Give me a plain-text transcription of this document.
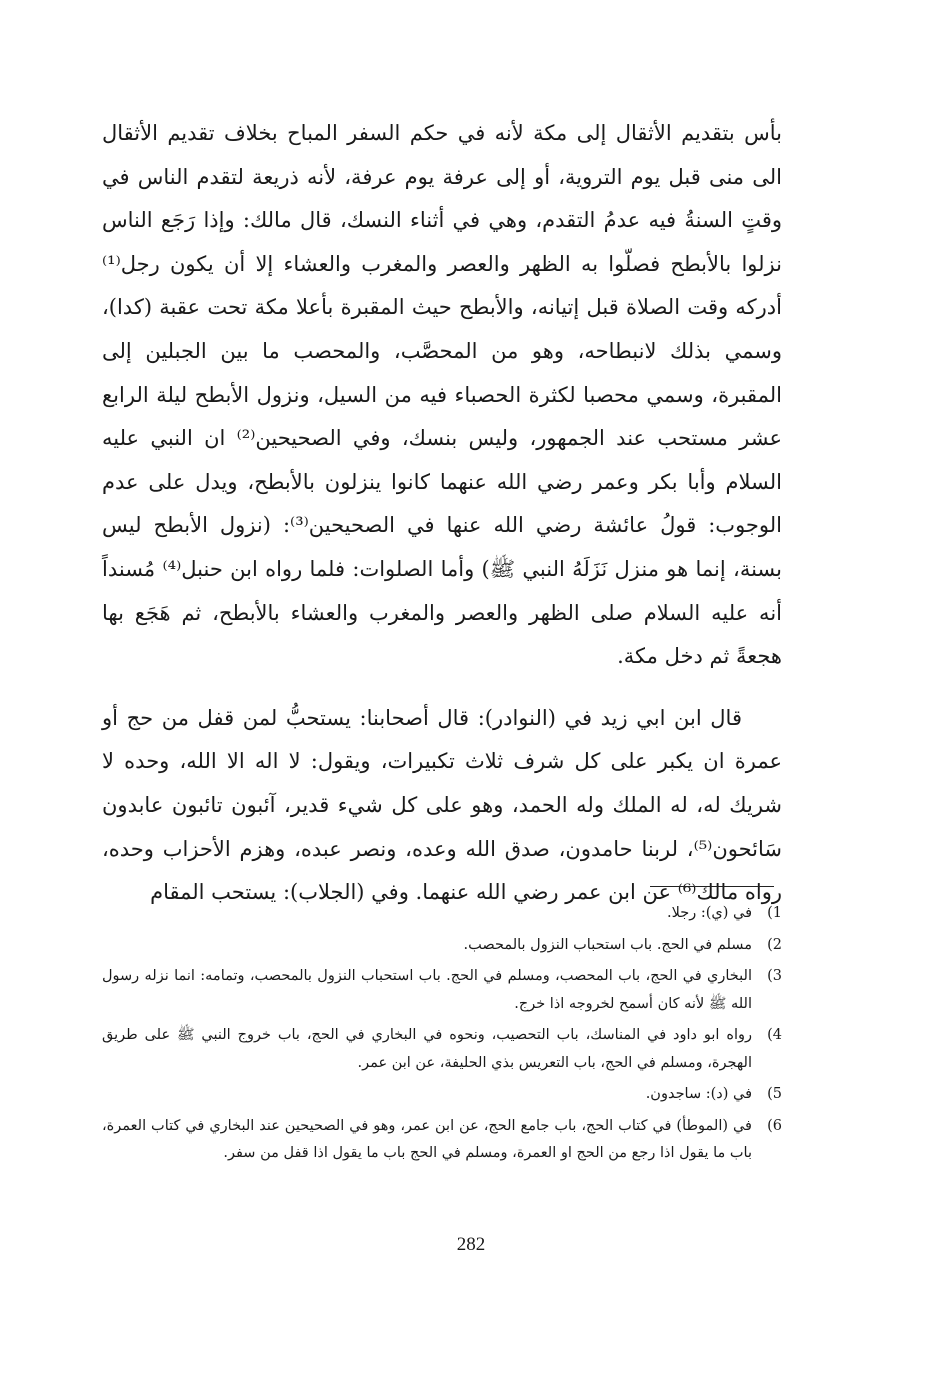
بأس بتقديم الأثقال إلى مكة لأنه في حكم السفر المباح بخلاف تقديم الأثقال الى منى قبل يوم التروية، أو إلى عرفة يوم عرفة، لأنه ذريعة لتقدم الناس في وقتٍ السنةُ فيه عدمُ التقدم، وهي في أثناء النسك، قال مالك: وإذا رَجَع الناس نزلوا بالأبطح فصلّوا به الظهر والعصر والمغرب والعشاء إلا أن يكون رجل⁽¹⁾ أدركه وقت الصلاة قبل إتيانه، والأبطح حيث المقبرة بأعلا مكة تحت عقبة (كدا)، وسمي بذلك لانبطاحه، وهو من المحصَّب، والمحصب ما بين الجبلين إلى المقبرة، وسمي محصبا لكثرة الحصباء فيه من السيل، ونزول الأبطح ليلة الرابع عشر مستحب عند الجمهور، وليس بنسك، وفي الصحيحين⁽²⁾ ان النبي عليه السلام وأبا بكر وعمر رضي الله عنهما كانوا ينزلون بالأبطح، ويدل على عدم الوجوب: قولُ عائشة رضي الله عنها في الصحيحين⁽³⁾: (نزول الأبطح ليس بسنة، إنما هو منزل نَزَلَهُ النبي ﷺ) وأما الصلوات: فلما رواه ابن حنبل⁽⁴⁾ مُسنداً أنه عليه السلام صلى الظهر والعصر والمغرب والعشاء بالأبطح، ثم هَجَع بها هجعةً ثم دخل مكة.

قال ابن ابي زيد في (النوادر): قال أصحابنا: يستحبُّ لمن قفل من حج أو عمرة ان يكبر على كل شرف ثلاث تكبيرات، ويقول: لا اله الا الله، وحده لا شريك له، له الملك وله الحمد، وهو على كل شيء قدير، آئبون تائبون عابدون سَائحون⁽⁵⁾، لربنا حامدون، صدق الله وعده، ونصر عبده، وهزم الأحزاب وحده، رواه مالك⁽⁶⁾ عن ابن عمر رضي الله عنهما. وفي (الجلاب): يستحب المقام

1)
في (ي): رجلا.
2)
مسلم في الحج. باب استحباب النزول بالمحصب.
3)
البخاري في الحج، باب المحصب، ومسلم في الحج. باب استحباب النزول بالمحصب، وتمامه: انما نزله رسول الله ﷺ لأنه كان أسمح لخروجه اذا خرج.
4)
رواه ابو داود في المناسك، باب التحصيب، ونحوه في البخاري في الحج، باب خروج النبي ﷺ على طريق الهجرة، ومسلم في الحج، باب التعريس بذي الحليفة، عن ابن عمر.
5)
في (د): ساجدون.
6)
في (الموطأ) في كتاب الحج، باب جامع الحج، عن ابن عمر، وهو في الصحيحين عند البخاري في كتاب العمرة، باب ما يقول اذا رجع من الحج او العمرة، ومسلم في الحج باب ما يقول اذا قفل من سفر.
282
